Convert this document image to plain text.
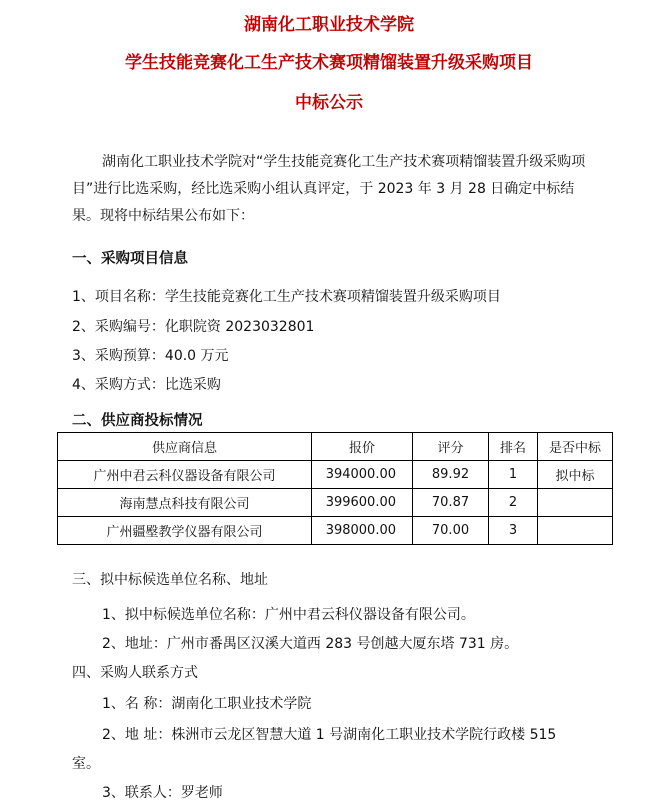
湖南化工职业技术学院
学生技能竞赛化工生产技术赛项精馏装置升级采购项目
中标公示
湖南化工职业技术学院对“学生技能竞赛化工生产技术赛项精馏装置升级采购项目”进行比选采购，经比选采购小组认真评定，于 2023 年 3 月 28 日确定中标结果。现将中标结果公布如下：
一、采购项目信息
1、项目名称：学生技能竞赛化工生产技术赛项精馏装置升级采购项目
2、采购编号：化职院资 2023032801
3、采购预算：40.0 万元
4、采购方式：比选采购
二、供应商投标情况
供应商信息	报价	评分	排名	是否中标
广州中君云科仪器设备有限公司	394000.00	89.92	1	拟中标
海南慧点科技有限公司	399600.00	70.87	2	
广州疆壂教学仪器有限公司	398000.00	70.00	3	
三、拟中标候选单位名称、地址
1、拟中标候选单位名称：广州中君云科仪器设备有限公司。
2、地址：广州市番禺区汉溪大道西 283 号创越大厦东塔 731 房。
四、采购人联系方式
1、名 称：湖南化工职业技术学院
2、地 址：株洲市云龙区智慧大道 1 号湖南化工职业技术学院行政楼 515
室。
3、联系人：罗老师
